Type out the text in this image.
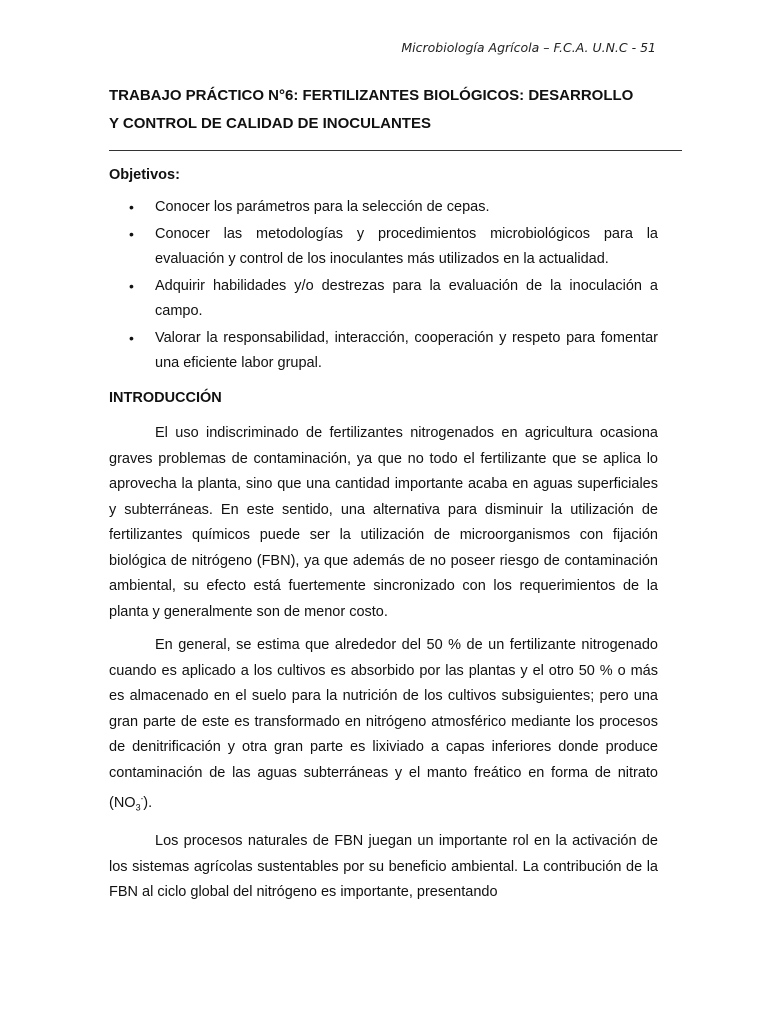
Microbiología Agrícola – F.C.A. U.N.C - 51
TRABAJO PRÁCTICO N°6: FERTILIZANTES BIOLÓGICOS: DESARROLLO
Y CONTROL DE CALIDAD DE INOCULANTES
Objetivos:
• Conocer los parámetros para la selección de cepas.
• Conocer las metodologías y procedimientos microbiológicos para la evaluación y control de los inoculantes más utilizados en la actualidad.
• Adquirir habilidades y/o destrezas para la evaluación de la inoculación a campo.
• Valorar la responsabilidad, interacción, cooperación y respeto para fomentar una eficiente labor grupal.
INTRODUCCIÓN

El uso indiscriminado de fertilizantes nitrogenados en agricultura ocasiona graves problemas de contaminación, ya que no todo el fertilizante que se aplica lo aprovecha la planta, sino que una cantidad importante acaba en aguas superficiales y subterráneas. En este sentido, una alternativa para disminuir la utilización de fertilizantes químicos puede ser la utilización de microorganismos con fijación biológica de nitrógeno (FBN), ya que además de no poseer riesgo de contaminación ambiental, su efecto está fuertemente sincronizado con los requerimientos de la planta y generalmente son de menor costo.

En general, se estima que alrededor del 50 % de un fertilizante nitrogenado cuando es aplicado a los cultivos es absorbido por las plantas y el otro 50 % o más es almacenado en el suelo para la nutrición de los cultivos subsiguientes; pero una gran parte de este es transformado en nitrógeno atmosférico mediante los procesos de denitrificación y otra gran parte es lixiviado a capas inferiores donde produce contaminación de las aguas subterráneas y el manto freático en forma de nitrato $(NO_3^-)$.

Los procesos naturales de FBN juegan un importante rol en la activación de los sistemas agrícolas sustentables por su beneficio ambiental. La contribución de la FBN al ciclo global del nitrógeno es importante, presentando
